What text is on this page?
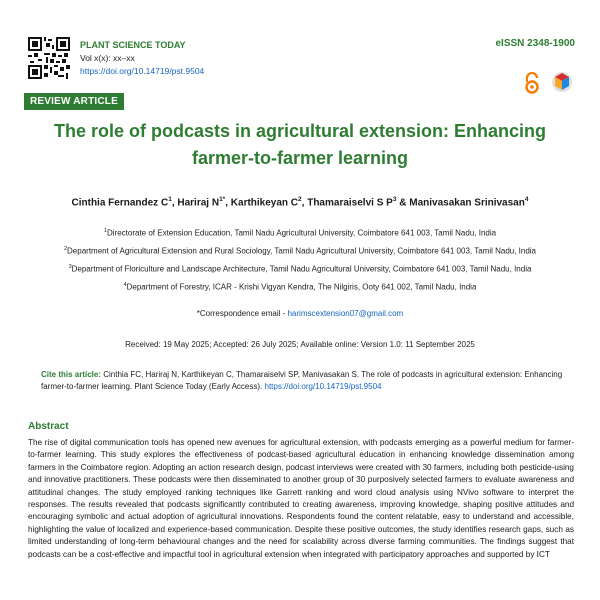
PLANT SCIENCE TODAY
Vol x(x): xx–xx
https://doi.org/10.14719/pst.9504
eISSN 2348-1900
REVIEW ARTICLE
The role of podcasts in agricultural extension: Enhancing farmer-to-farmer learning
Cinthia Fernandez $C^1$, Hariraj $N^{1*}$, Karthikeyan $C^2$, Thamaraiselvi S $P^3$ & Manivasakan Srinivasan$^4$
$^1$Directorate of Extension Education, Tamil Nadu Agricultural University, Coimbatore 641 003, Tamil Nadu, India
$^2$Department of Agricultural Extension and Rural Sociology, Tamil Nadu Agricultural University, Coimbatore 641 003, Tamil Nadu, India
$^3$Department of Floriculture and Landscape Architecture, Tamil Nadu Agricultural University, Coimbatore 641 003, Tamil Nadu, India
$^4$Department of Forestry, ICAR - Krishi Vigyan Kendra, The Nilgiris, Ooty 641 002, Tamil Nadu, India
*Correspondence email - harimscextension07@gmail.com
Received: 19 May 2025; Accepted: 26 July 2025; Available online: Version 1.0: 11 September 2025
Cite this article: Cinthia FC, Hariraj N, Karthikeyan C, Thamaraiselvi SP, Manivasakan S. The role of podcasts in agricultural extension: Enhancing farmer-to-farmer learning. Plant Science Today (Early Access). https://doi.org/10.14719/pst.9504
Abstract
The rise of digital communication tools has opened new avenues for agricultural extension, with podcasts emerging as a powerful medium for farmer-to-farmer learning. This study explores the effectiveness of podcast-based agricultural education in enhancing knowledge dissemination among farmers in the Coimbatore region. Adopting an action research design, podcast interviews were created with 30 farmers, including both pesticide-using and innovative practitioners. These podcasts were then disseminated to another group of 30 purposively selected farmers to evaluate awareness and attitudinal changes. The study employed ranking techniques like Garrett ranking and word cloud analysis using NVivo software to interpret the responses. The results revealed that podcasts significantly contributed to creating awareness, improving knowledge, shaping positive attitudes and encouraging symbolic and actual adoption of agricultural innovations. Respondents found the content relatable, easy to understand and accessible, highlighting the value of localized and experience-based communication. Despite these positive outcomes, the study identifies research gaps, such as limited understanding of long-term behavioural changes and the need for scalability across diverse farming communities. The findings suggest that podcasts can be a cost-effective and impactful tool in agricultural extension when integrated with participatory approaches and supported by ICT
